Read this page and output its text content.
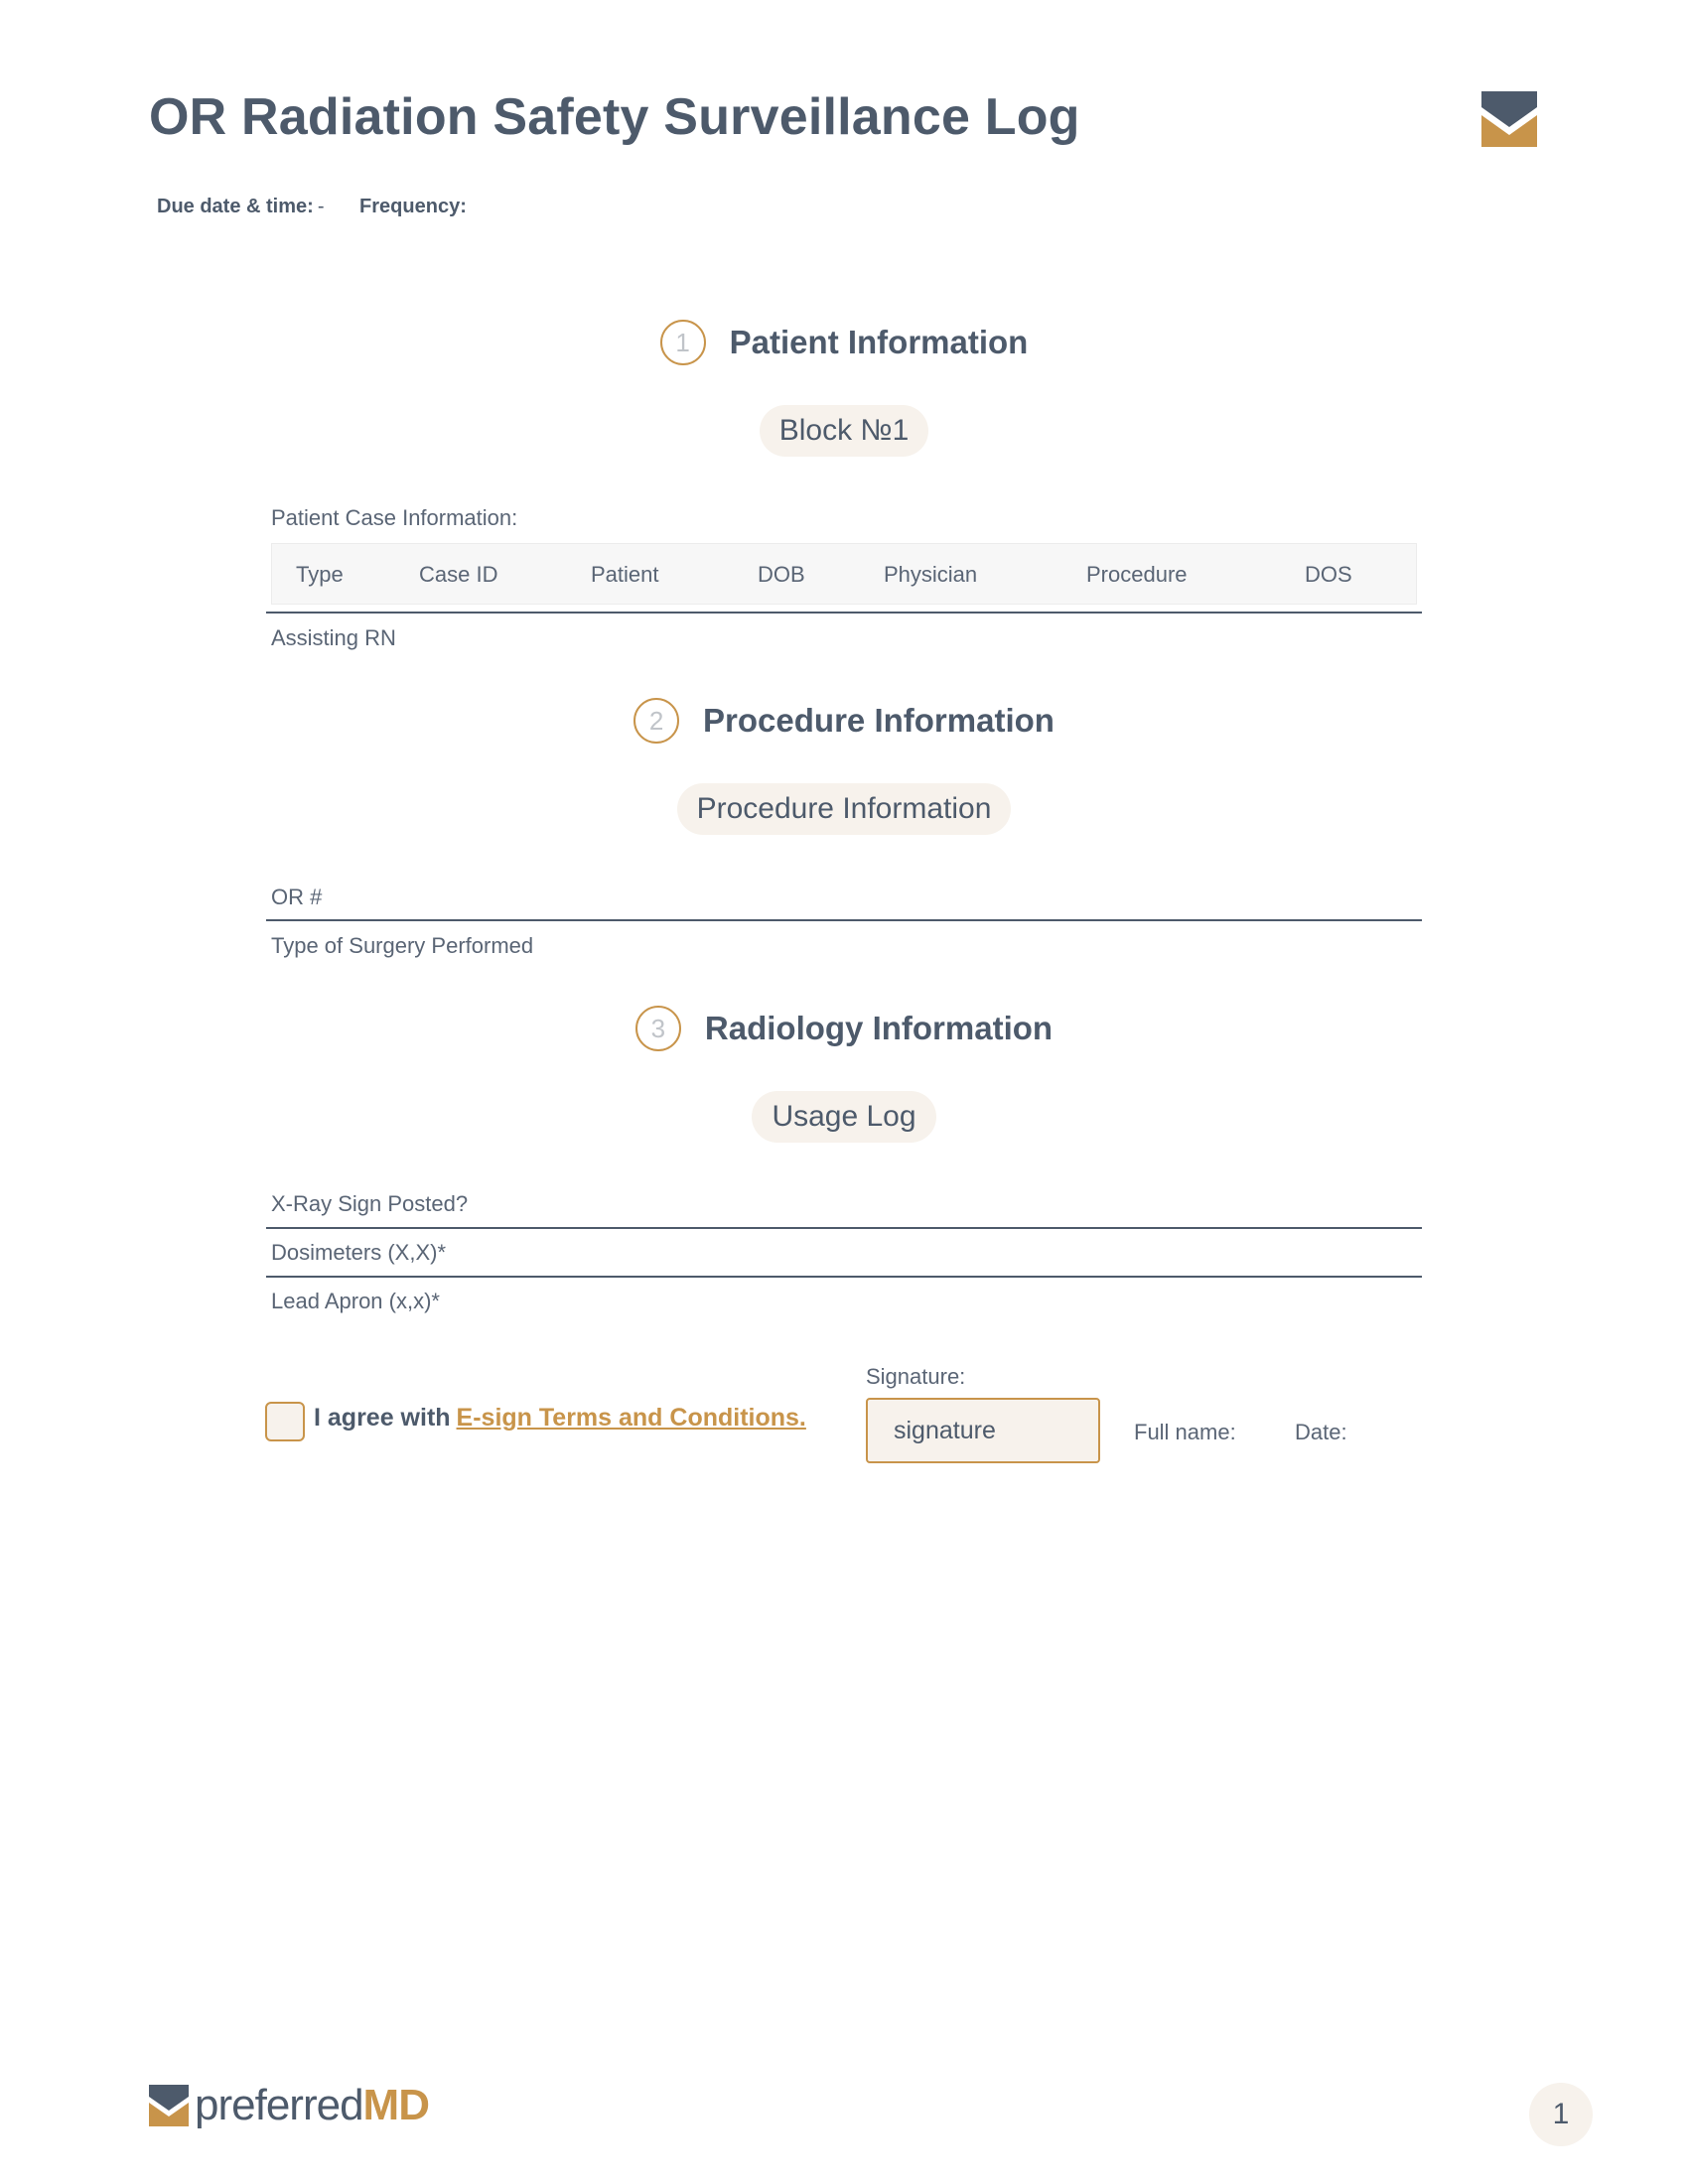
OR Radiation Safety Surveillance Log
Due date & time: - Frequency:
1	Patient Information
Block №1
Patient Case Information:
Type	Case ID	Patient	DOB	Physician	Procedure	DOS
Assisting RN
2	Procedure Information
Procedure Information
OR #
Type of Surgery Performed
3	Radiology Information
Usage Log
X-Ray Sign Posted?
Dosimeters (X,X)*
Lead Apron (x,x)*
I agree with E-sign Terms and Conditions.
Signature:
signature	Full name:	Date:
preferredMD	1
